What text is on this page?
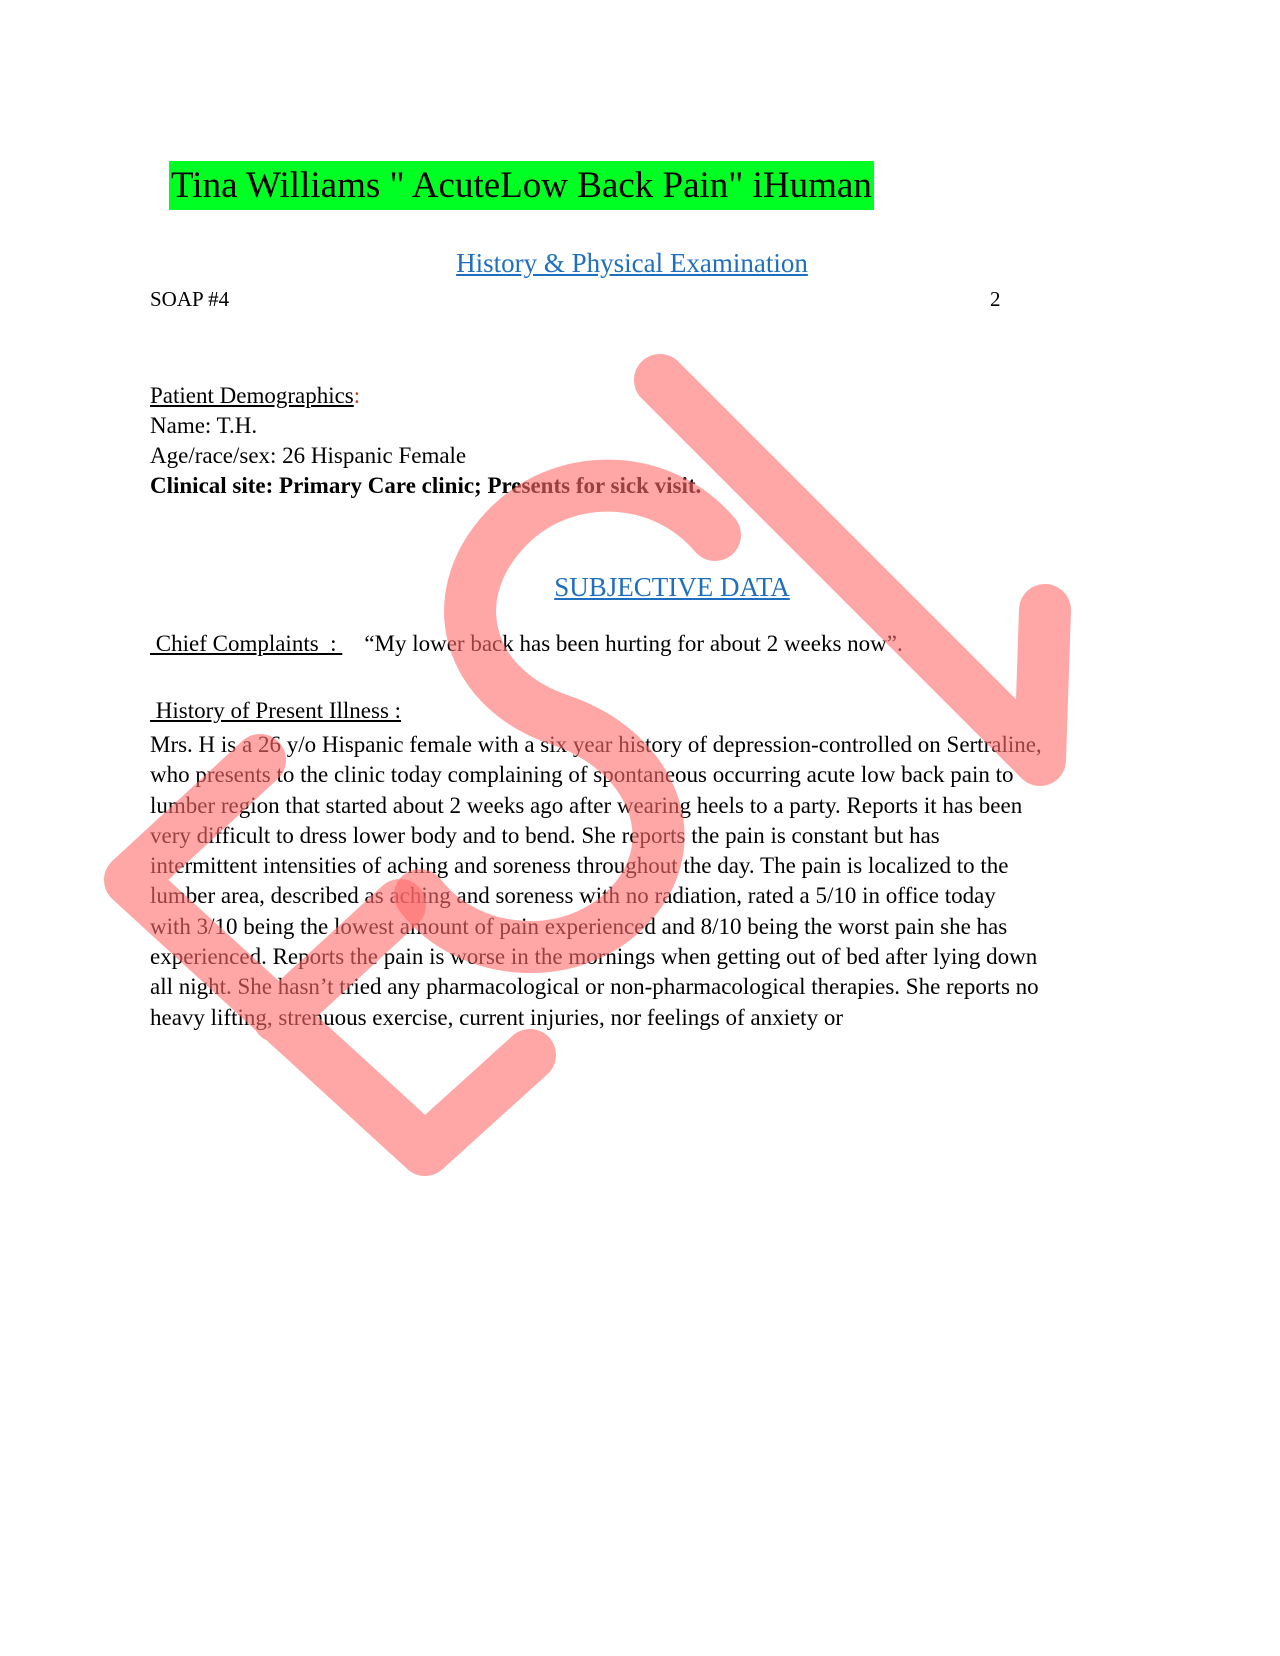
Tina Williams " AcuteLow Back Pain" iHuman
History & Physical Examination
SOAP #4	2
Patient Demographics:
Name: T.H.
Age/race/sex: 26 Hispanic Female
Clinical site: Primary Care clinic; Presents for sick visit.
SUBJECTIVE DATA
Chief Complaints  : “My lower back has been hurting for about 2 weeks now”.
History of Present Illness :
Mrs. H is a 26 y/o Hispanic female with a six year history of depression-controlled on Sertraline,
who presents to the clinic today complaining of spontaneous occurring acute low back pain to
lumber region that started about 2 weeks ago after wearing heels to a party. Reports it has been
very difficult to dress lower body and to bend. She reports the pain is constant but has
intermittent intensities of aching and soreness throughout the day. The pain is localized to the
lumber area, described as aching and soreness with no radiation, rated a 5/10 in office today
with 3/10 being the lowest amount of pain experienced and 8/10 being the worst pain she has
experienced. Reports the pain is worse in the mornings when getting out of bed after lying down
all night. She hasn’t tried any pharmacological or non-pharmacological therapies. She reports no
heavy lifting, strenuous exercise, current injuries, nor feelings of anxiety or
